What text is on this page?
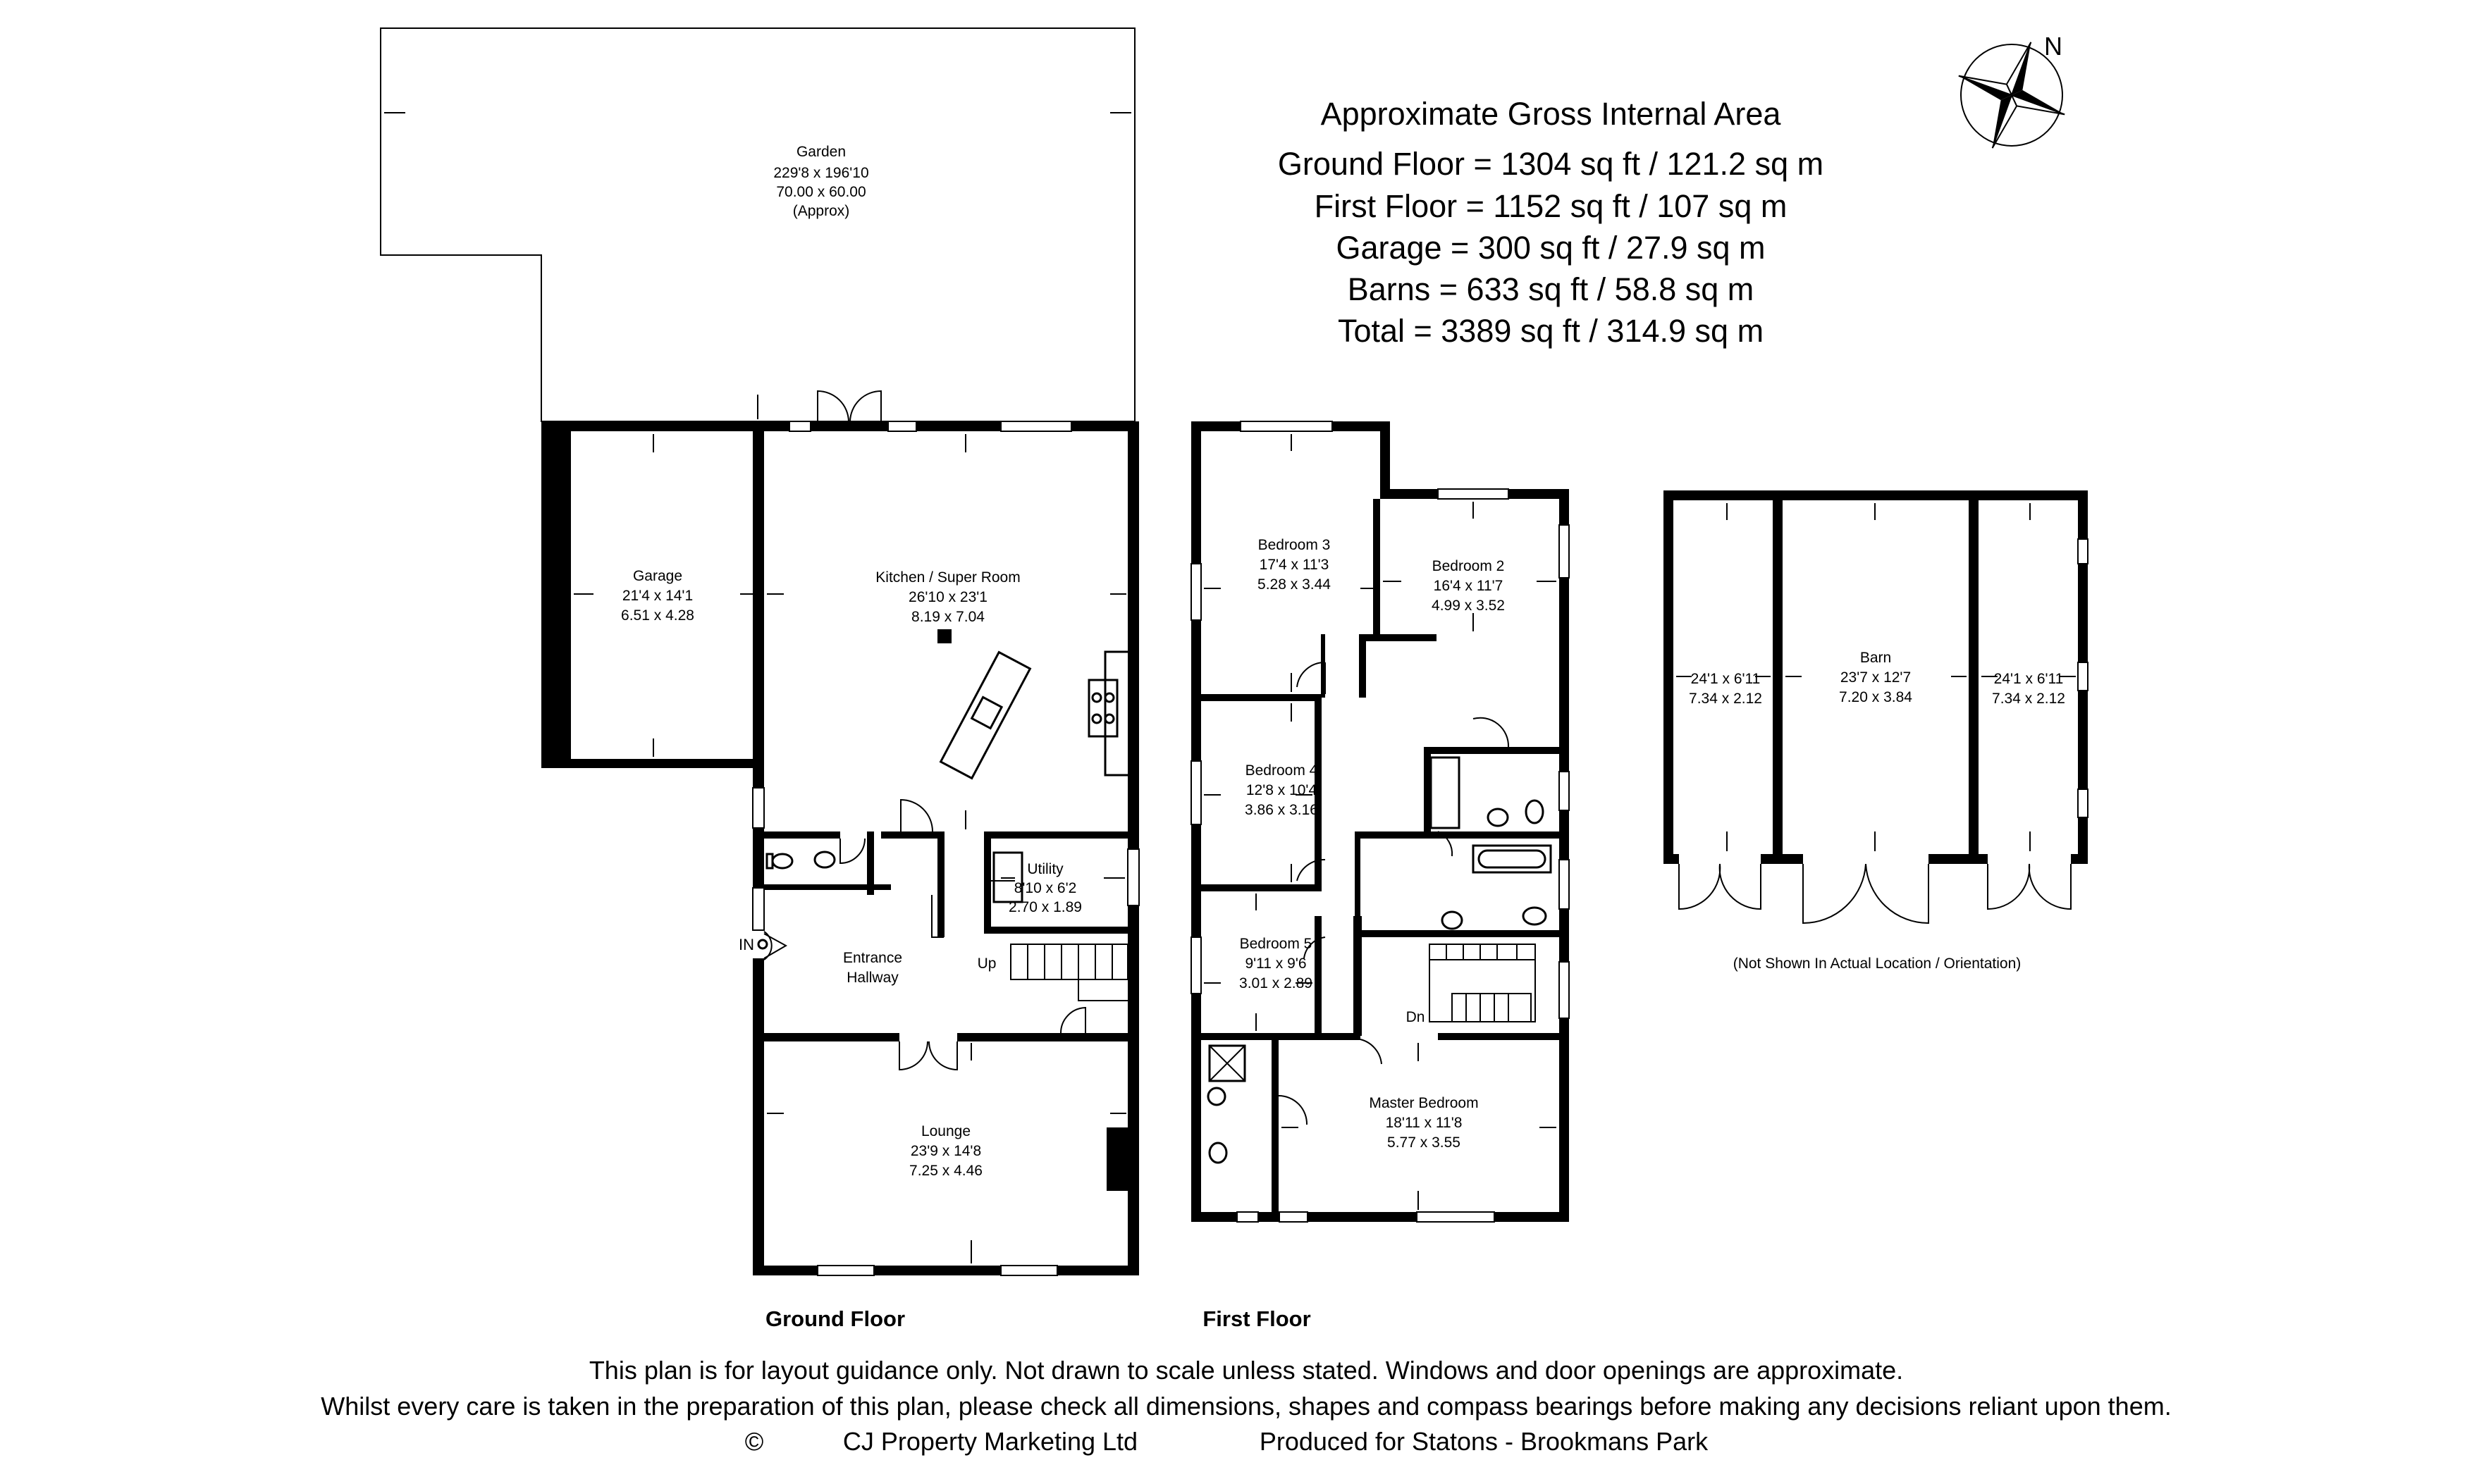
Garden
229'8 x 196'10
70.00 x 60.00
(Approx)
IN
Garage
21'4 x 14'1
6.51 x 4.28
Kitchen / Super Room
26'10 x 23'1
8.19 x 7.04
Utility
8'10 x 6'2
2.70 x 1.89
Entrance
Hallway
Up
Lounge
23'9 x 14'8
7.25 x 4.46
Ground Floor
Bedroom 3
17'4 x 11'3
5.28 x 3.44
Bedroom 2
16'4 x 11'7
4.99 x 3.52
Bedroom 4
12'8 x 10'4
3.86 x 3.16
Bedroom 5
9'11 x 9'6
3.01 x 2.89
Master Bedroom
18'11 x 11'8
5.77 x 3.55
Dn
First Floor
24'1 x 6'11
7.34 x 2.12
Barn
23'7 x 12'7
7.20 x 3.84
24'1 x 6'11
7.34 x 2.12
(Not Shown In Actual Location / Orientation)
Approximate Gross Internal Area
Ground Floor = 1304 sq ft / 121.2 sq m
First Floor = 1152 sq ft / 107 sq m
Garage = 300 sq ft / 27.9 sq m
Barns = 633 sq ft / 58.8 sq m
Total = 3389 sq ft / 314.9 sq m
N
This plan is for layout guidance only. Not drawn to scale unless stated. Windows and door openings are approximate.
Whilst every care is taken in the preparation of this plan, please check all dimensions, shapes and compass bearings before making any decisions reliant upon them.
©	CJ Property Marketing Ltd	Produced for Statons - Brookmans Park
